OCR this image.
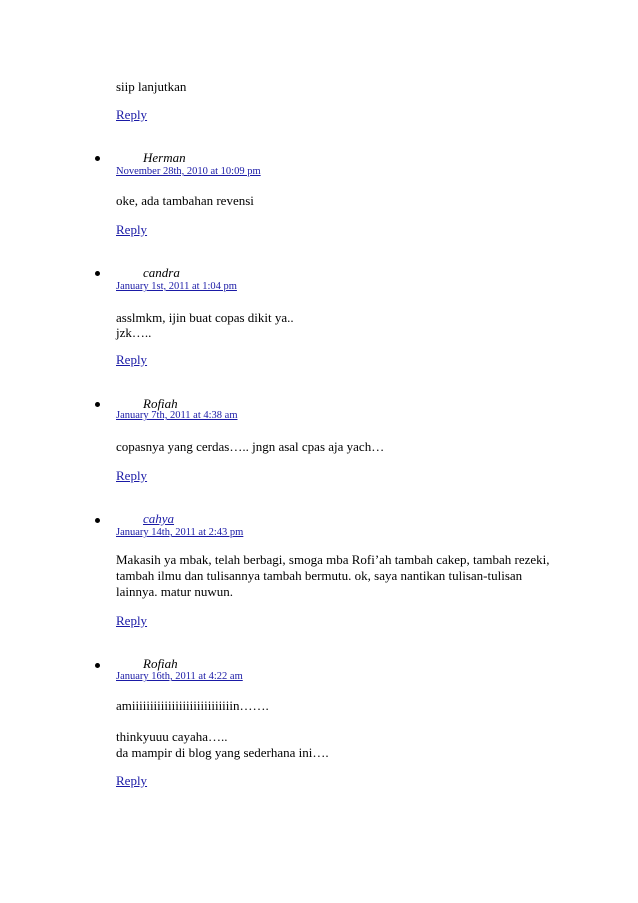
siip lanjutkan
Reply
Herman
November 28th, 2010 at 10:09 pm
oke, ada tambahan revensi
Reply
candra
January 1st, 2011 at 1:04 pm
asslmkm, ijin buat copas dikit ya..
jzk…..
Reply
Rofiah
January 7th, 2011 at 4:38 am
copasnya yang cerdas….. jngn asal cpas aja yach…
Reply
cahya
January 14th, 2011 at 2:43 pm
Makasih ya mbak, telah berbagi, smoga mba Rofi’ah tambah cakep, tambah rezeki,
tambah ilmu dan tulisannya tambah bermutu. ok, saya nantikan tulisan-tulisan
lainnya. matur nuwun.
Reply
Rofiah
January 16th, 2011 at 4:22 am
amiiiiiiiiiiiiiiiiiiiiiiiiiiiin…….
thinkyuuu cayaha…..
da mampir di blog yang sederhana ini….
Reply
